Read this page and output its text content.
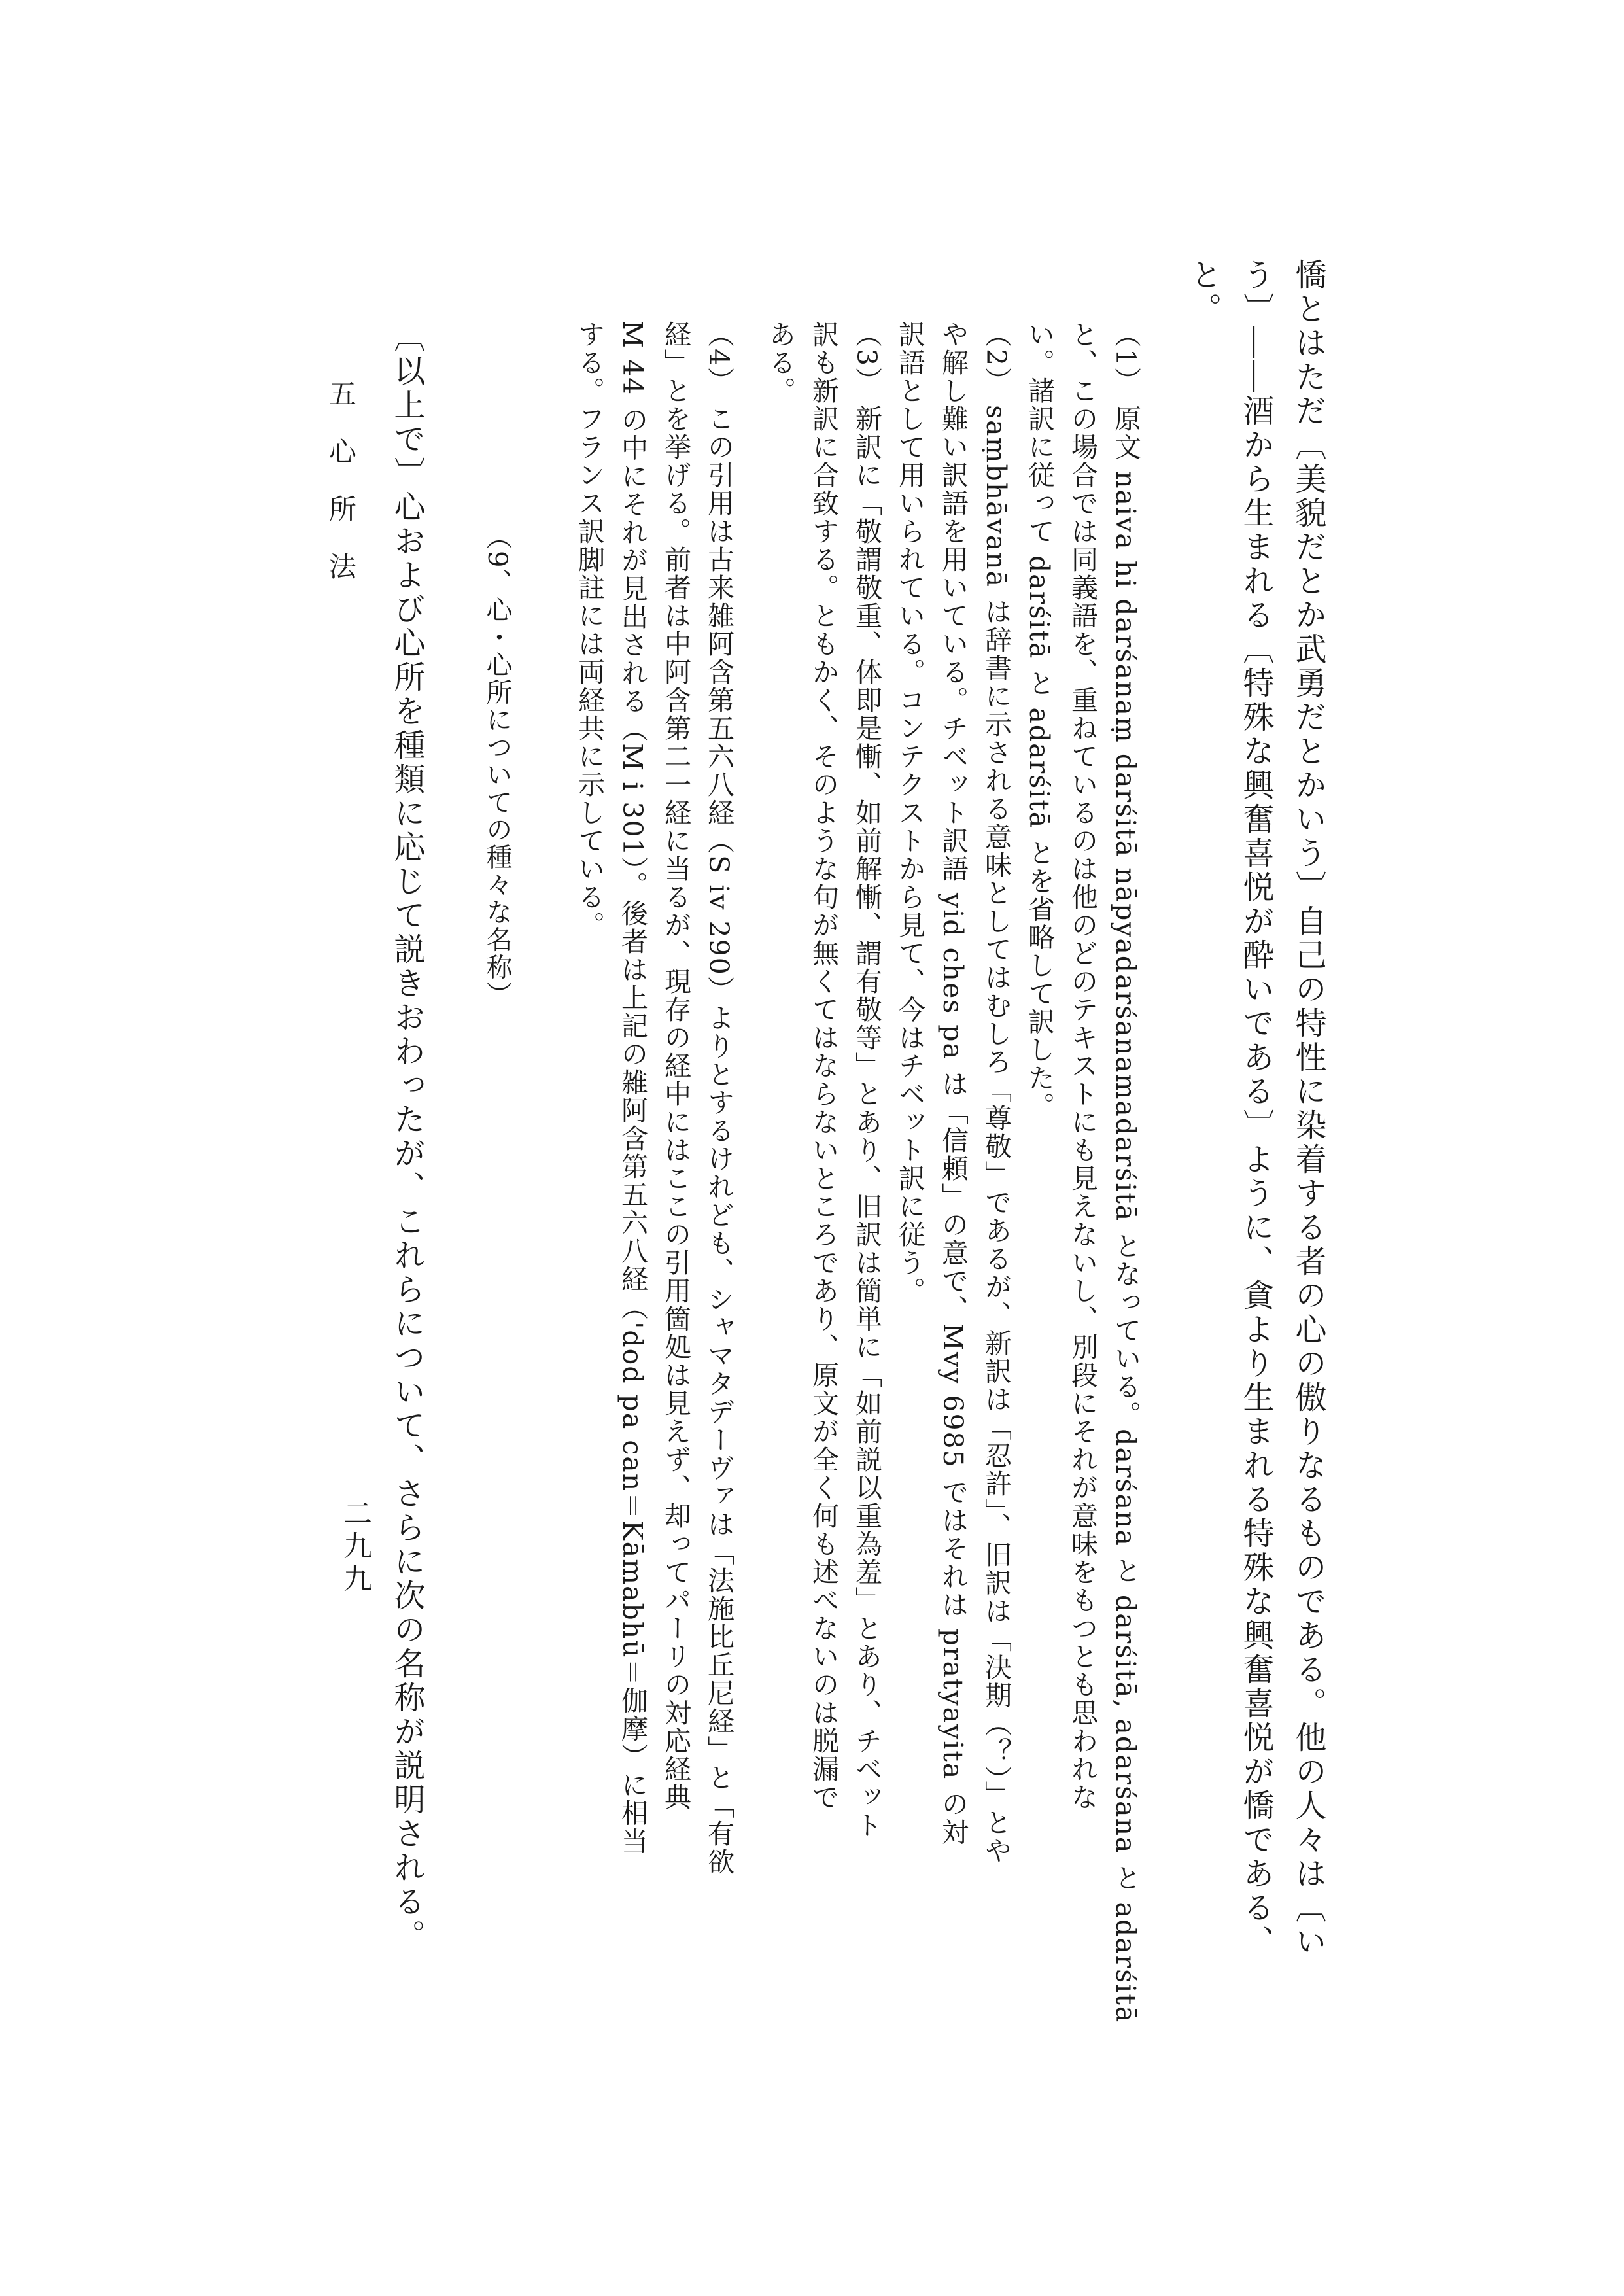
憍とはただ〔美貌だとか武勇だとかいう〕自己の特性に染着する者の心の傲りなるものである。他の人々は〔い
う〕――酒から生まれる〔特殊な興奮喜悦が酔いである〕ように、貪より生まれる特殊な興奮喜悦が憍である、
と。
（1） 原文 naiva hi darśanaṃ darśitā nāpyadarśanamadarśitā となっている。darśana と darśitā, adarśana と adarśitā
と、この場合では同義語を、重ねているのは他のどのテキストにも見えないし、別段にそれが意味をもつとも思われな
い。諸訳に従って darśitā と adarśitā とを省略して訳した。
（2） saṃbhāvanā は辞書に示される意味としてはむしろ「尊敬」であるが、新訳は「忍許」、旧訳は「決期（？）」とや
や解し難い訳語を用いている。チベット訳語 yid ches pa は「信頼」の意で、Mvy 6985 ではそれは pratyayita の対
訳語として用いられている。コンテクストから見て、今はチベット訳に従う。
（3） 新訳に「敬謂敬重、体即是慚、如前解慚、謂有敬等」とあり、旧訳は簡単に「如前説以重為羞」とあり、チベット
訳も新訳に合致する。ともかく、そのような句が無くてはならないところであり、原文が全く何も述べないのは脱漏で
ある。
（4） この引用は古来雑阿含第五六八経（S iv 290）よりとするけれども、シャマタデーヴァは「法施比丘尼経」と「有欲
経」とを挙げる。前者は中阿含第二一経に当るが、現存の経中にはここの引用箇処は見えず、却ってパーリの対応経典
M 44 の中にそれが見出される（M i 301）。後者は上記の雑阿含第五六八経（'dod pa can＝Kāmabhū＝伽摩）に相当
する。フランス訳脚註には両経共に示している。
（9、心・心所についての種々な名称）
〔以上で〕心および心所を種類に応じて説きおわったが、これらについて、さらに次の名称が説明される。
五心所法
二九九
